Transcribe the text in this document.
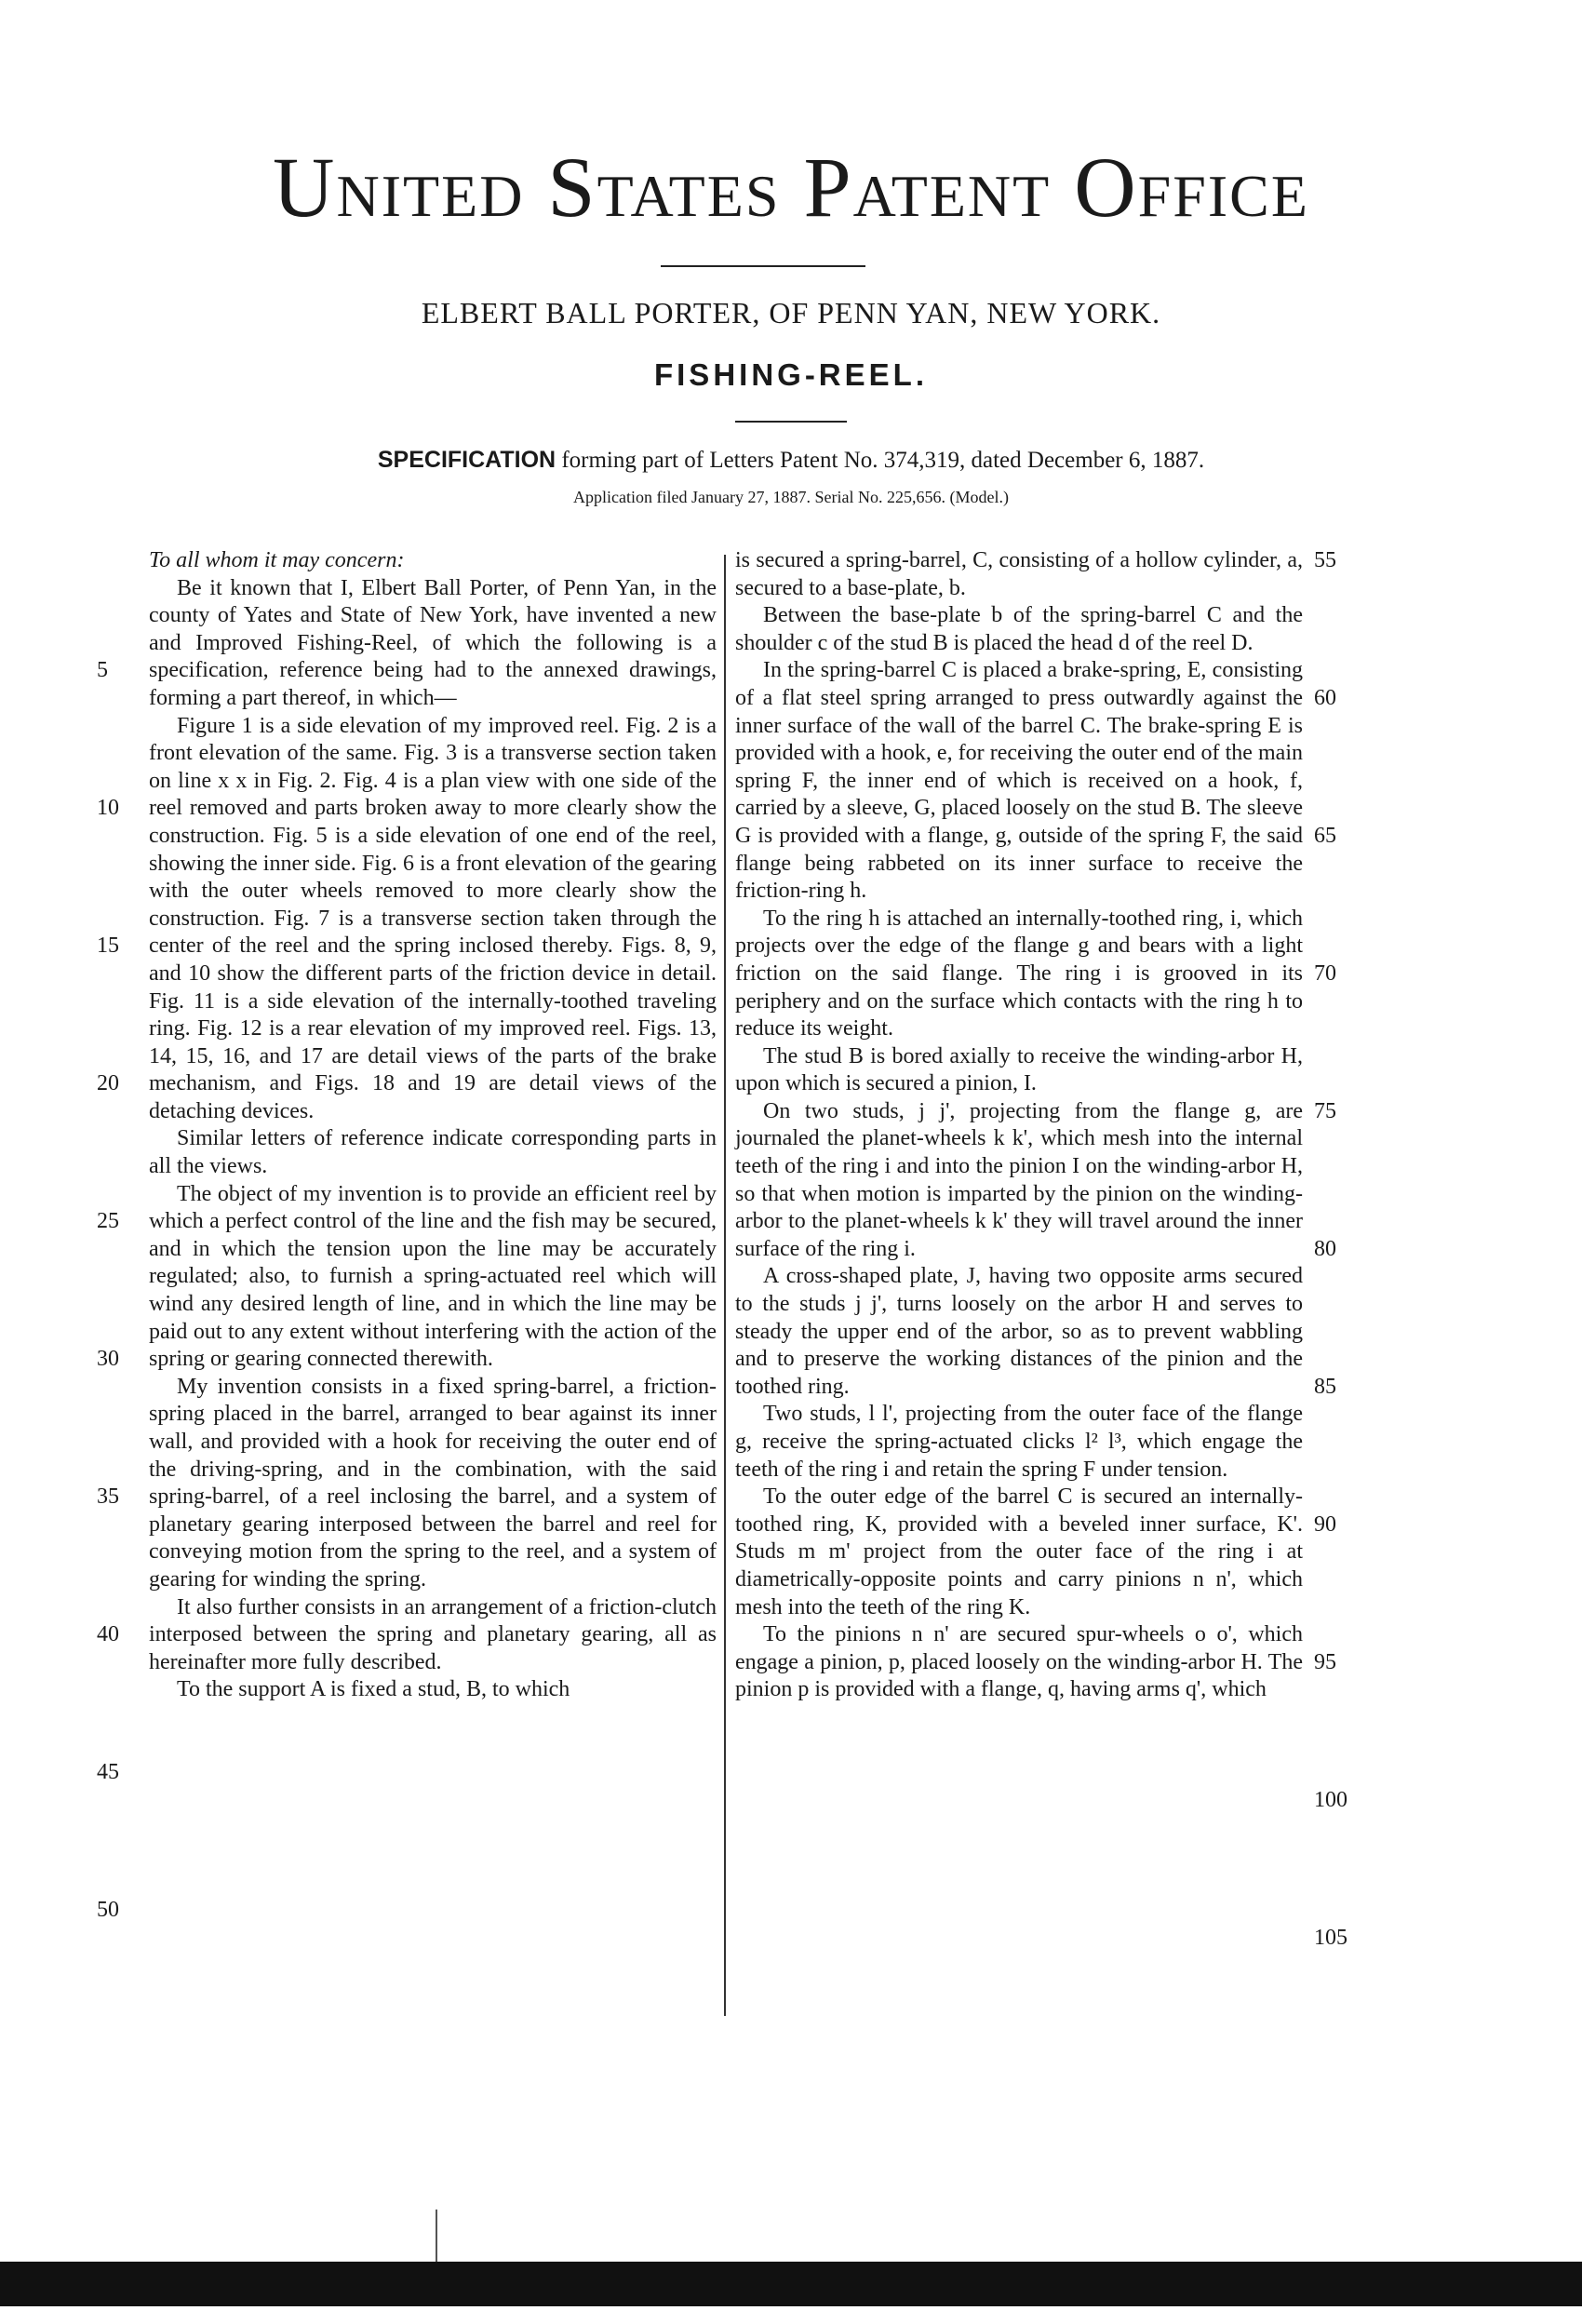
United States Patent Office
ELBERT BALL PORTER, OF PENN YAN, NEW YORK.
FISHING-REEL.
SPECIFICATION forming part of Letters Patent No. 374,319, dated December 6, 1887.
Application filed January 27, 1887. Serial No. 225,656. (Model.)

To all whom it may concern:

Be it known that I, Elbert Ball Porter, of Penn Yan, in the county of Yates and State of New York, have invented a new and Improved Fishing-Reel, of which the following is a specification, reference being had to the annexed drawings, forming a part thereof, in which—

Figure 1 is a side elevation of my improved reel. Fig. 2 is a front elevation of the same. Fig. 3 is a transverse section taken on line x x in Fig. 2. Fig. 4 is a plan view with one side of the reel removed and parts broken away to more clearly show the construction. Fig. 5 is a side elevation of one end of the reel, showing the inner side. Fig. 6 is a front elevation of the gearing with the outer wheels removed to more clearly show the construction. Fig. 7 is a transverse section taken through the center of the reel and the spring inclosed thereby. Figs. 8, 9, and 10 show the different parts of the friction device in detail. Fig. 11 is a side elevation of the internally-toothed traveling ring. Fig. 12 is a rear elevation of my improved reel. Figs. 13, 14, 15, 16, and 17 are detail views of the parts of the brake mechanism, and Figs. 18 and 19 are detail views of the detaching devices.

Similar letters of reference indicate corresponding parts in all the views.

The object of my invention is to provide an efficient reel by which a perfect control of the line and the fish may be secured, and in which the tension upon the line may be accurately regulated; also, to furnish a spring-actuated reel which will wind any desired length of line, and in which the line may be paid out to any extent without interfering with the action of the spring or gearing connected therewith.

My invention consists in a fixed spring-barrel, a friction-spring placed in the barrel, arranged to bear against its inner wall, and provided with a hook for receiving the outer end of the driving-spring, and in the combination, with the said spring-barrel, of a reel inclosing the barrel, and a system of planetary gearing interposed between the barrel and reel for conveying motion from the spring to the reel, and a system of gearing for winding the spring.

It also further consists in an arrangement of a friction-clutch interposed between the spring and planetary gearing, all as hereinafter more fully described.

To the support A is fixed a stud, B, to which

is secured a spring-barrel, C, consisting of a hollow cylinder, a, secured to a base-plate, b.

Between the base-plate b of the spring-barrel C and the shoulder c of the stud B is placed the head d of the reel D.

In the spring-barrel C is placed a brake-spring, E, consisting of a flat steel spring arranged to press outwardly against the inner surface of the wall of the barrel C. The brake-spring E is provided with a hook, e, for receiving the outer end of the main spring F, the inner end of which is received on a hook, f, carried by a sleeve, G, placed loosely on the stud B. The sleeve G is provided with a flange, g, outside of the spring F, the said flange being rabbeted on its inner surface to receive the friction-ring h.

To the ring h is attached an internally-toothed ring, i, which projects over the edge of the flange g and bears with a light friction on the said flange. The ring i is grooved in its periphery and on the surface which contacts with the ring h to reduce its weight.

The stud B is bored axially to receive the winding-arbor H, upon which is secured a pinion, I.

On two studs, j j', projecting from the flange g, are journaled the planet-wheels k k', which mesh into the internal teeth of the ring i and into the pinion I on the winding-arbor H, so that when motion is imparted by the pinion on the winding-arbor to the planet-wheels k k' they will travel around the inner surface of the ring i.

A cross-shaped plate, J, having two opposite arms secured to the studs j j', turns loosely on the arbor H and serves to steady the upper end of the arbor, so as to prevent wabbling and to preserve the working distances of the pinion and the toothed ring.

Two studs, l l', projecting from the outer face of the flange g, receive the spring-actuated clicks l² l³, which engage the teeth of the ring i and retain the spring F under tension.

To the outer edge of the barrel C is secured an internally-toothed ring, K, provided with a beveled inner surface, K'. Studs m m' project from the outer face of the ring i at diametrically-opposite points and carry pinions n n', which mesh into the teeth of the ring K.

To the pinions n n' are secured spur-wheels o o', which engage a pinion, p, placed loosely on the winding-arbor H. The pinion p is provided with a flange, q, having arms q', which

5
10
15
20
25
30
35
40
45
50
55
60
65
70
75
80
85
90
95
100
105
